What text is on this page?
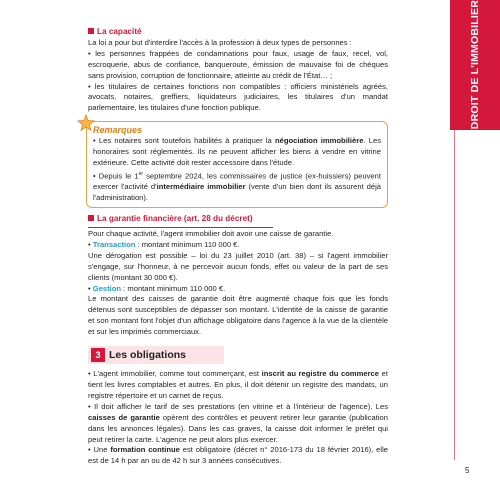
DROIT DE L'IMMOBILIER
La capacité

La loi a pour but d'interdire l'accès à la profession à deux types de personnes :

• les personnes frappées de condamnations pour faux, usage de faux, recel, vol, escroquerie, abus de confiance, banqueroute, émission de mauvaise foi de chèques sans provision, corruption de fonctionnaire, atteinte au crédit de l'État… ;

• les titulaires de certaines fonctions non compatibles : officiers ministériels agréés, avocats, notaires, greffiers, liquidateurs judiciaires, les titulaires d'un mandat parlementaire, les titulaires d'une fonction publique.

Remarques

• Les notaires sont toutefois habilités à pratiquer la négociation immobilière. Les honoraires sont réglementés. Ils ne peuvent afficher les biens à vendre en vitrine extérieure. Cette activité doit rester accessoire dans l'étude.

• Depuis le 1er septembre 2024, les commissaires de justice (ex-huissiers) peuvent exercer l'activité d'intermédiaire immobilier (vente d'un bien dont ils assurent déjà l'administration).

La garantie financière (art. 28 du décret)

Pour chaque activité, l'agent immobilier doit avoir une caisse de garantie.

• Transaction : montant minimum 110 000 €.

Une dérogation est possible – loi du 23 juillet 2010 (art. 38) – si l'agent immobilier s'engage, sur l'honneur, à ne percevoir aucun fonds, effet ou valeur de la part de ses clients (montant 30 000 €).

• Gestion : montant minimum 110 000 €.

Le montant des caisses de garantie doit être augmenté chaque fois que les fonds détenus sont susceptibles de dépasser son montant. L'identité de la caisse de garantie et son montant font l'objet d'un affichage obligatoire dans l'agence à la vue de la clientèle et sur les imprimés commerciaux.

3 Les obligations

• L'agent immobilier, comme tout commerçant, est inscrit au registre du commerce et tient les livres comptables et autres. En plus, il doit détenir un registre des mandats, un registre répertoire et un carnet de reçus.

• Il doit afficher le tarif de ses prestations (en vitrine et à l'intérieur de l'agence). Les caisses de garantie opèrent des contrôles et peuvent retirer leur garantie (publication dans les annonces légales). Dans les cas graves, la caisse doit informer le préfet qui peut retirer la carte. L'agence ne peut alors plus exercer.

• Une formation continue est obligatoire (décret n° 2016-173 du 18 février 2016), elle est de 14 h par an ou de 42 h sur 3 années consécutives.

5
